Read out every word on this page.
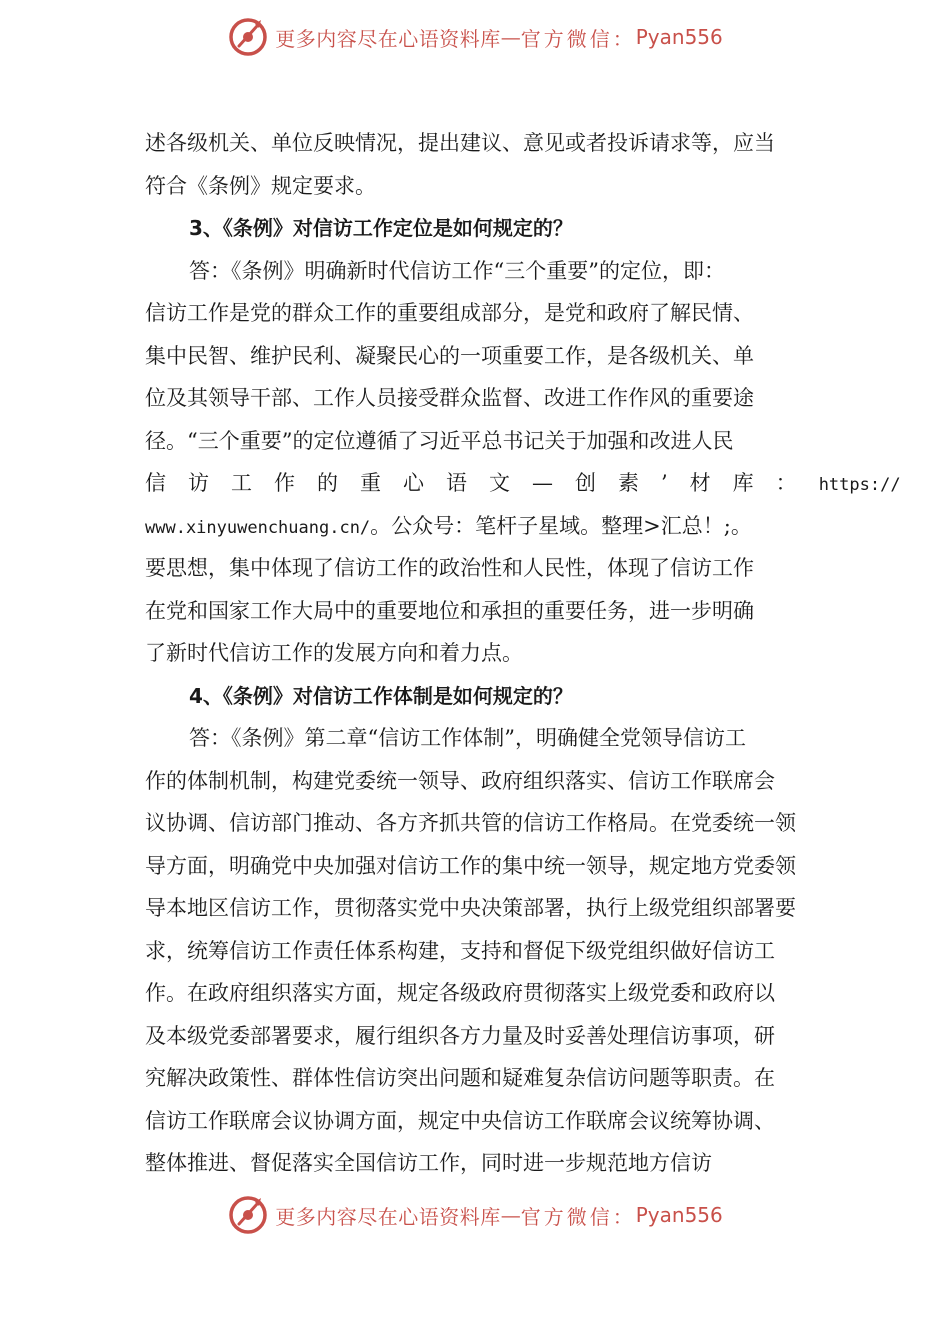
更多内容尽在心语资料库 — 官方微信： Pyan556
述各级机关、单位反映情况，提出建议、意见或者投诉请求等，应当
符合《条例》规定要求。
3、《条例》对信访工作定位是如何规定的？
答：《条例》明确新时代信访工作“三个重要”的定位，即：
信访工作是党的群众工作的重要组成部分，是党和政府了解民情、
集中民智、维护民利、凝聚民心的一项重要工作，是各级机关、单
位及其领导干部、工作人员接受群众监督、改进工作作风的重要途
径。“三个重要”的定位遵循了习近平总书记关于加强和改进人民
信访工作的重心语文—创素’材库：https://
www.xinyuwenchuang.cn/。公众号：笔杆子星域。整理>汇总！;。
要思想，集中体现了信访工作的政治性和人民性，体现了信访工作
在党和国家工作大局中的重要地位和承担的重要任务，进一步明确
了新时代信访工作的发展方向和着力点。
4、《条例》对信访工作体制是如何规定的？
答：《条例》第二章“信访工作体制”，明确健全党领导信访工
作的体制机制，构建党委统一领导、政府组织落实、信访工作联席会
议协调、信访部门推动、各方齐抓共管的信访工作格局。在党委统一领
导方面，明确党中央加强对信访工作的集中统一领导，规定地方党委领
导本地区信访工作，贯彻落实党中央决策部署，执行上级党组织部署要
求，统筹信访工作责任体系构建，支持和督促下级党组织做好信访工
作。在政府组织落实方面，规定各级政府贯彻落实上级党委和政府以
及本级党委部署要求，履行组织各方力量及时妥善处理信访事项，研
究解决政策性、群体性信访突出问题和疑难复杂信访问题等职责。在
信访工作联席会议协调方面，规定中央信访工作联席会议统筹协调、
整体推进、督促落实全国信访工作，同时进一步规范地方信访
更多内容尽在心语资料库 — 官方微信： Pyan556
